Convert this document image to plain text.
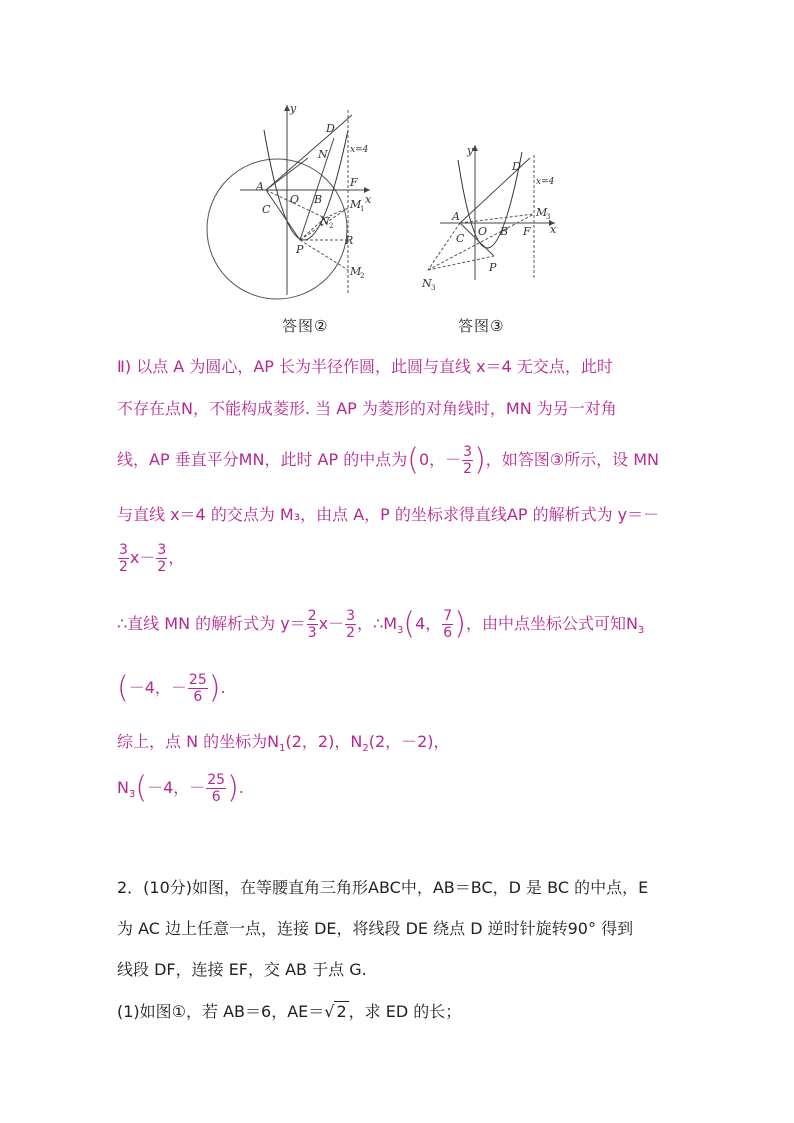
y
x
A
O B
C
D
N
F
M
1
N 2
R
P
M
2
x=4
答图②
y
x
A
O B
C
D
F
M
3
P
N 3
x=4
答图③
Ⅱ) 以点 A 为圆心，AP 长为半径作圆，此圆与直线 x＝4 无交点，此时
不存在点N，不能构成菱形. 当 AP 为菱形的对角线时，MN 为另一对角
线，AP 垂直平分MN，此时 AP 的中点为(0，－ $\frac{3}{2}$ )，如答图③所示，设 MN
与直线 x＝4 的交点为 M₃，由点 A，P 的坐标求得直线AP 的解析式为 y＝－
$\frac{3}{2} x- \frac{3}{2}$ ，
∴直线 MN 的解析式为 $y= \frac{2}{3} x- \frac{3}{2}$ ，$\therefore M_3(4$， $\frac{7}{6}$ )，由中点坐标公式可知$N_3$
(－4，－ $\frac{25}{6}$ ).
综上，点 N 的坐标为$N_1(2$，2)，$N_2(2$，－2)，
$N_3(-4$，－ $\frac{25}{6}$ ).
2．(10分)如图，在等腰直角三角形ABC中，AB＝BC，D 是 BC 的中点，E
为 AC 边上任意一点，连接 DE，将线段 DE 绕点 D 逆时针旋转90° 得到
线段 DF，连接 EF，交 AB 于点 G.
(1)如图①，若 AB＝6，AE＝√ 2 ，求 ED 的长；
